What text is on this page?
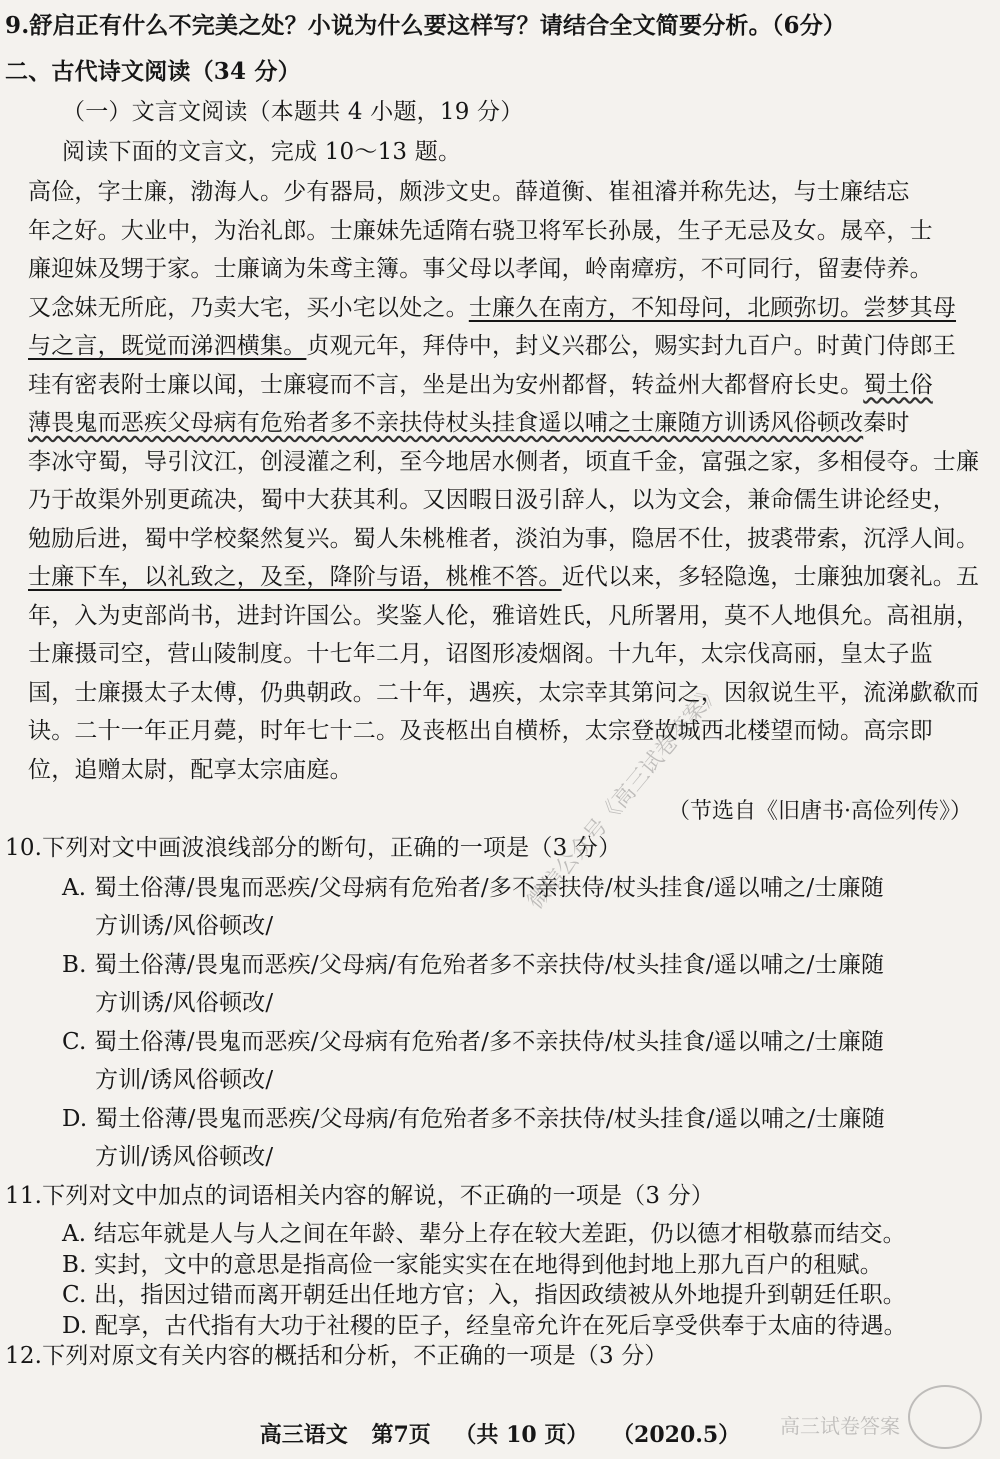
9.舒启正有什么不完美之处？小说为什么要这样写？请结合全文简要分析。（6分）
二、古代诗文阅读（34 分）
（一）文言文阅读（本题共 4 小题，19 分）
阅读下面的文言文，完成 10～13 题。
高俭，字士廉，渤海人。少有器局，颇涉文史。薛道衡、崔祖濬并称先达，与士廉结忘
年之好。大业中，为治礼郎。士廉妹先适隋右骁卫将军长孙晟，生子无忌及女。晟卒，士
廉迎妹及甥于家。士廉谪为朱鸢主簿。事父母以孝闻，岭南瘴疠，不可同行，留妻侍养。
又念妹无所庇，乃卖大宅，买小宅以处之。士廉久在南方，不知母问，北顾弥切。尝梦其母
与之言，既觉而涕泗横集。贞观元年，拜侍中，封义兴郡公，赐实封九百户。时黄门侍郎王
珪有密表附士廉以闻，士廉寝而不言，坐是出为安州都督，转益州大都督府长史。蜀土俗
薄畏鬼而恶疾父母病有危殆者多不亲扶侍杖头挂食遥以哺之士廉随方训诱风俗顿改秦时
李冰守蜀，导引汶江，创浸灌之利，至今地居水侧者，顷直千金，富强之家，多相侵夺。士廉
乃于故渠外别更疏决，蜀中大获其利。又因暇日汲引辞人，以为文会，兼命儒生讲论经史，
勉励后进，蜀中学校粲然复兴。蜀人朱桃椎者，淡泊为事，隐居不仕，披裘带索，沉浮人间。
士廉下车，以礼致之，及至，降阶与语，桃椎不答。近代以来，多轻隐逸，士廉独加褒礼。五
年，入为吏部尚书，进封许国公。奖鉴人伦，雅谙姓氏，凡所署用，莫不人地俱允。高祖崩，
士廉摄司空，营山陵制度。十七年二月，诏图形凌烟阁。十九年，太宗伐高丽，皇太子监
国，士廉摄太子太傅，仍典朝政。二十年，遇疾，太宗幸其第问之，因叙说生平，流涕歔欷而
诀。二十一年正月薨，时年七十二。及丧柩出自横桥，太宗登故城西北楼望而恸。高宗即
位，追赠太尉，配享太宗庙庭。
（节选自《旧唐书·高俭列传》）
10.下列对文中画波浪线部分的断句，正确的一项是（3 分）
A. 蜀土俗薄/畏鬼而恶疾/父母病有危殆者/多不亲扶侍/杖头挂食/遥以哺之/士廉随
方训诱/风俗顿改/
B. 蜀土俗薄/畏鬼而恶疾/父母病/有危殆者多不亲扶侍/杖头挂食/遥以哺之/士廉随
方训诱/风俗顿改/
C. 蜀土俗薄/畏鬼而恶疾/父母病有危殆者/多不亲扶侍/杖头挂食/遥以哺之/士廉随
方训/诱风俗顿改/
D. 蜀土俗薄/畏鬼而恶疾/父母病/有危殆者多不亲扶侍/杖头挂食/遥以哺之/士廉随
方训/诱风俗顿改/
11.下列对文中加点的词语相关内容的解说，不正确的一项是（3 分）
A. 结忘年就是人与人之间在年龄、辈分上存在较大差距，仍以德才相敬慕而结交。
B. 实封，文中的意思是指高俭一家能实实在在地得到他封地上那九百户的租赋。
C. 出，指因过错而离开朝廷出任地方官；入，指因政绩被从外地提升到朝廷任职。
D. 配享，古代指有大功于社稷的臣子，经皇帝允许在死后享受供奉于太庙的待遇。
12.下列对原文有关内容的概括和分析，不正确的一项是（3 分）
高三语文 第7页 （共 10 页） （2020.5）
微信公众号《高三试卷答案》
高三试卷答案
